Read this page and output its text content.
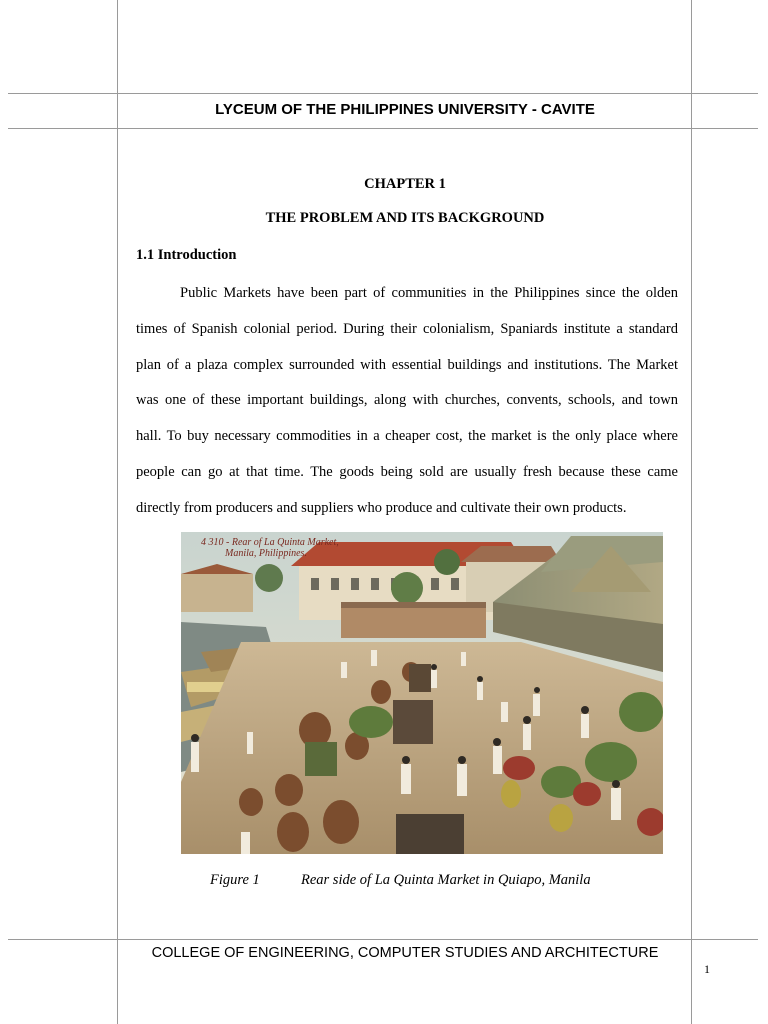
LYCEUM OF THE PHILIPPINES UNIVERSITY - CAVITE
CHAPTER 1
THE PROBLEM AND ITS BACKGROUND
1.1 Introduction
Public Markets have been part of communities in the Philippines since the olden
times of Spanish colonial period. During their colonialism, Spaniards institute a standard
plan of a plaza complex surrounded with essential buildings and institutions. The Market
was one of these important buildings, along with churches, convents, schools, and town
hall. To buy necessary commodities in a cheaper cost, the market is the only place where
people can go at that time. The goods being sold are usually fresh because these came
directly from producers and suppliers who produce and cultivate their own products.
4 310 - Rear of La Quinta Market,
Manila, Philippines.
Figure 1	Rear side of La Quinta Market in Quiapo, Manila
COLLEGE OF ENGINEERING, COMPUTER STUDIES AND ARCHITECTURE
1
